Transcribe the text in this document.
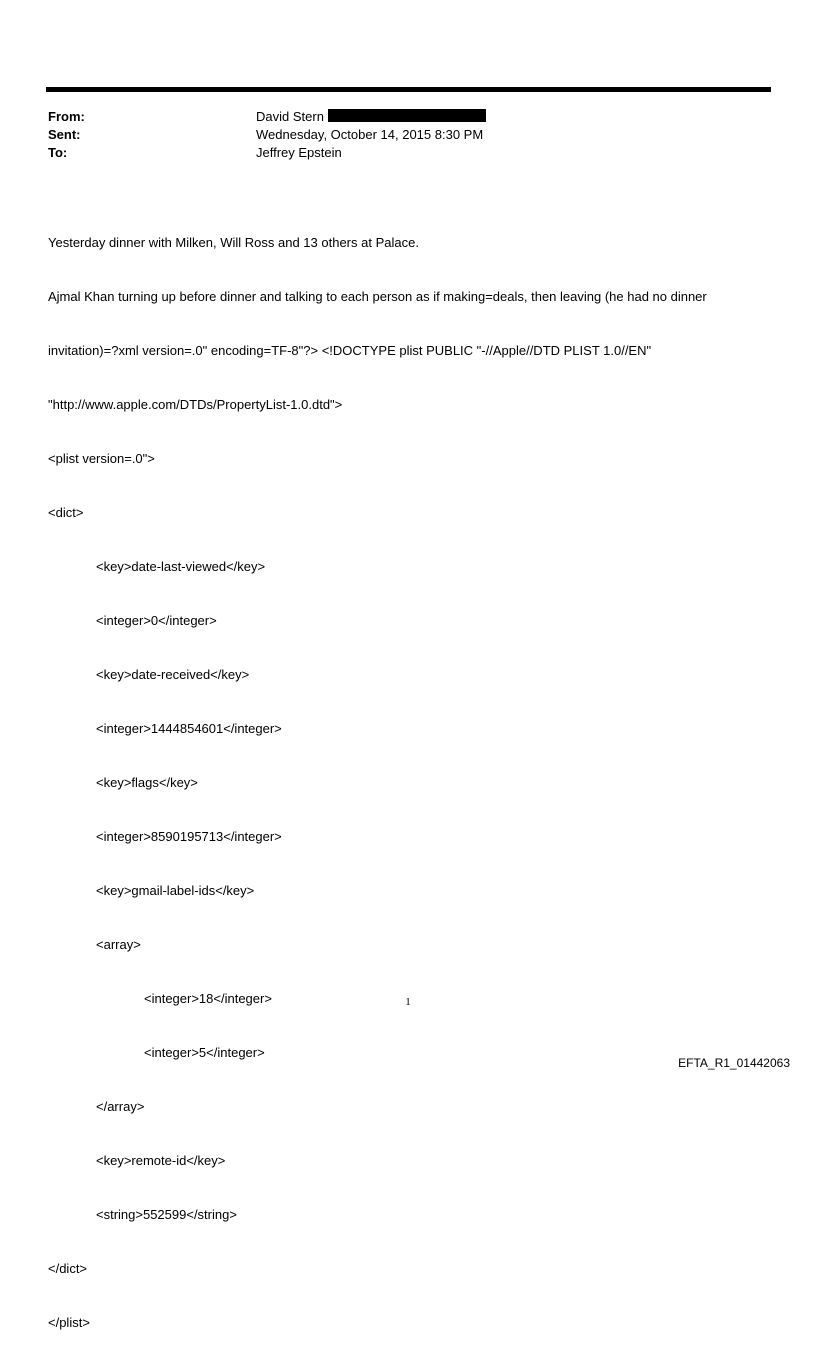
From:	David Stern
Sent:	Wednesday, October 14, 2015 8:30 PM
To:	Jeffrey Epstein

Yesterday dinner with Milken, Will Ross and 13 others at Palace.

Ajmal Khan turning up before dinner and talking to each person as if making=deals, then leaving (he had no dinner

invitation)=?xml version=.0" encoding=TF-8"?> <!DOCTYPE plist PUBLIC "-//Apple//DTD PLIST 1.0//EN"

"http://www.apple.com/DTDs/PropertyList-1.0.dtd">

<plist version=.0">

<dict>

<key>date-last-viewed</key>

<integer>0</integer>

<key>date-received</key>

<integer>1444854601</integer>

<key>flags</key>

<integer>8590195713</integer>

<key>gmail-label-ids</key>

<array>

<integer>18</integer>

<integer>5</integer>

</array>

<key>remote-id</key>

<string>552599</string>

</dict>

</plist>

1
EFTA_R1_01442063
